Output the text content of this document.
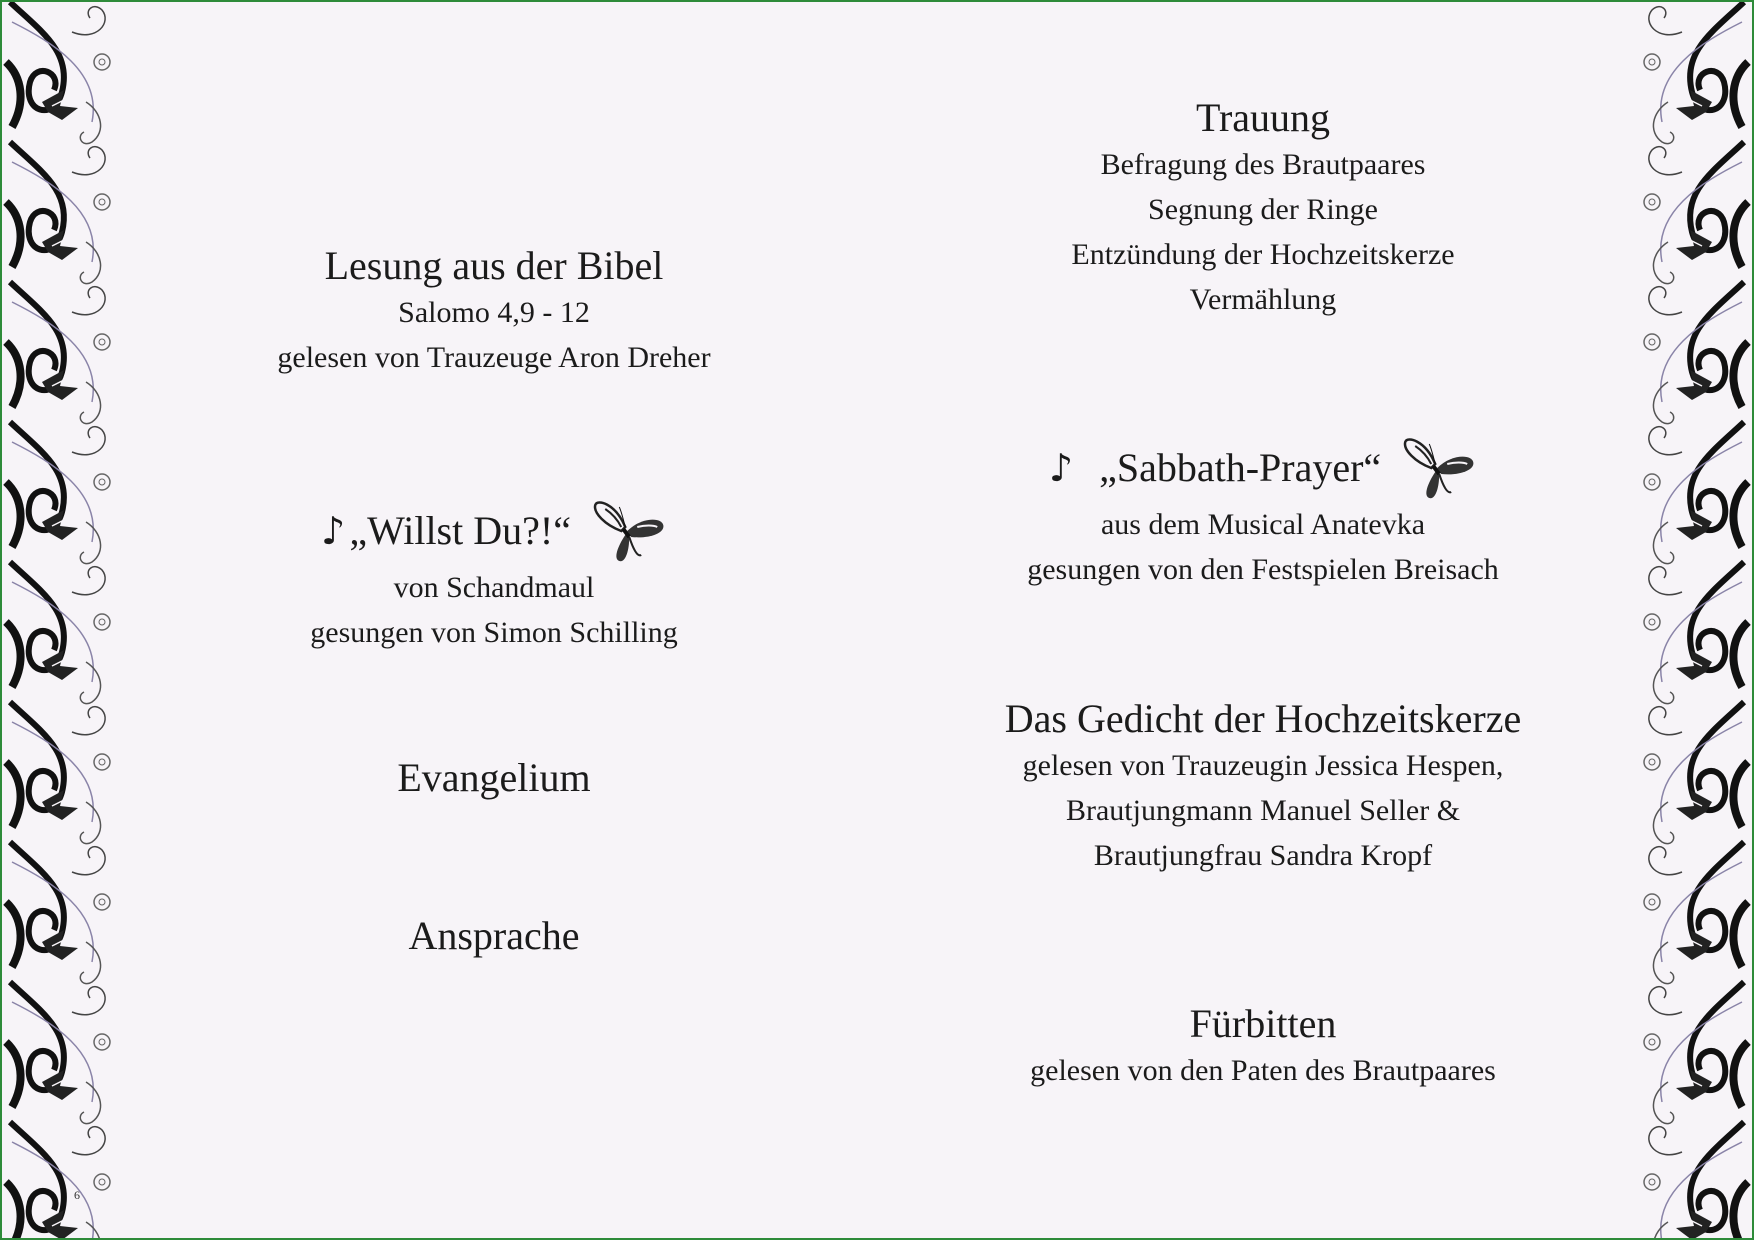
Lesung aus der Bibel

Salomo 4,9 - 12

gelesen von Trauzeuge Aron Dreher

♪ „Willst Du?!“

von Schandmaul

gesungen von Simon Schilling

Evangelium
Ansprache
Trauung

Befragung des Brautpaares

Segnung der Ringe

Entzündung der Hochzeitskerze

Vermählung

♪ „Sabbath-Prayer“

aus dem Musical Anatevka

gesungen von den Festspielen Breisach

Das Gedicht der Hochzeitskerze

gelesen von Trauzeugin Jessica Hespen,

Brautjungmann Manuel Seller &

Brautjungfrau Sandra Kropf

Fürbitten

gelesen von den Paten des Brautpaares

6
